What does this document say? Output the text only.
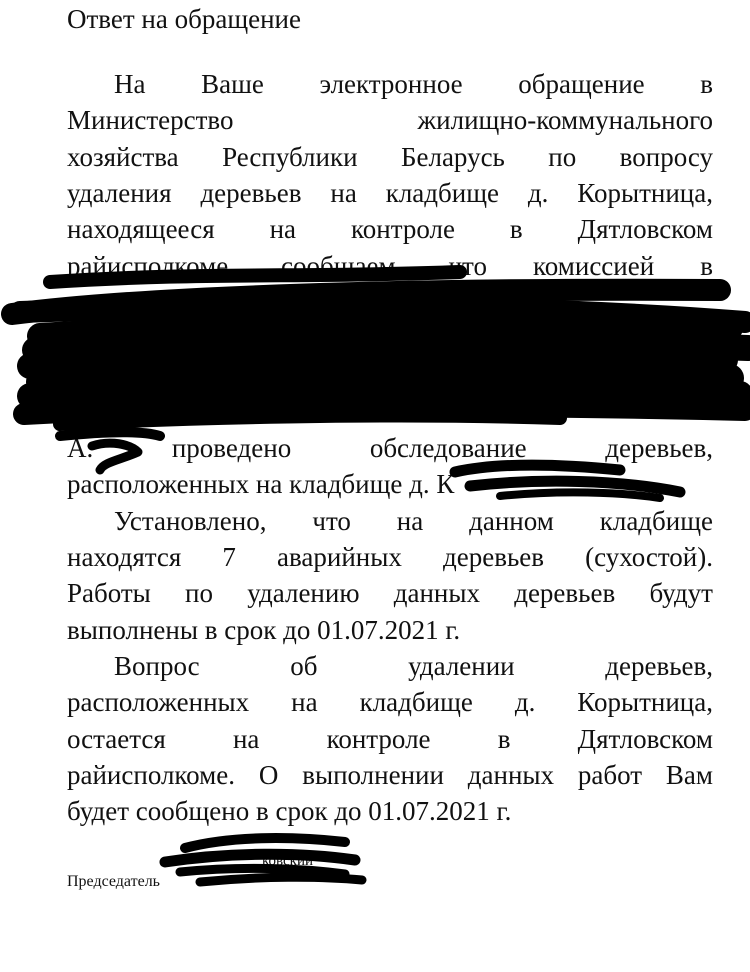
Ответ на обращение
На Ваше электронное обращение в
Министерство жилищно-коммунального
хозяйства Республики Беларусь по вопросу
удаления деревьев на кладбище д. Корытница,
находящееся на контроле в Дятловском
райисполкоме, сообщаем, что комиссией в
А. проведено обследование деревьев,
расположенных на кладбище д. К
Установлено, что на данном кладбище
находятся 7 аварийных деревьев (сухостой).
Работы по удалению данных деревьев будут
выполнены в срок до 01.07.2021 г.
Вопрос об удалении деревьев,
расположенных на кладбище д. Корытница,
остается на контроле в Дятловском
райисполкоме. О выполнении данных работ Вам
будет сообщено в срок до 01.07.2021 г.
Председатель
ковский
